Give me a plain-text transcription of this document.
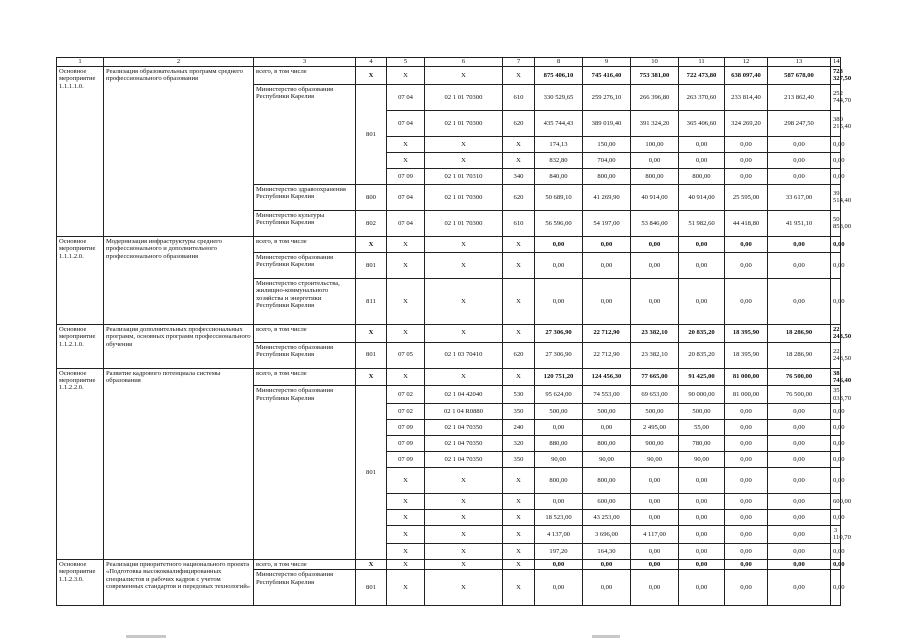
1	2	3	4	5	6	7	8	9	10	11	12	13	14
Основное мероприятие 1.1.1.1.0.	Реализация образовательных программ среднего профессионального образования	всего, в том числе	X	X	X	X	875 406,10	745 416,40	753 381,00	722 473,80	638 097,40	587 678,00	723 327,50
		Министерство образования Республики Карелия	801	07 04	02 1 01 70300	610	330 529,65	259 276,10	266 396,80	263 370,60	233 814,40	213 862,40	252 744,70
				07 04	02 1 01 70300	620	435 744,43	389 019,40	391 324,20	365 406,60	324 269,20	298 247,50	380 215,40
				X	X	X	174,13	150,00	100,00	0,00	0,00	0,00	0,00
				X	X	X	832,80	704,00	0,00	0,00	0,00	0,00	0,00
				07 09	02 1 01 70310	340	840,00	800,00	800,00	800,00	0,00	0,00	0,00
		Министерство здравоохранения Республики Карелия	800	07 04	02 1 01 70300	620	50 689,10	41 269,90	40 914,00	40 914,00	25 595,00	33 617,00	39 514,40
		Министерство культуры Республики Карелия	802	07 04	02 1 01 70300	610	56 596,00	54 197,00	53 846,00	51 982,60	44 418,80	41 951,10	50 853,00
Основное мероприятие 1.1.1.2.0.	Модернизация инфраструктуры среднего профессионального и дополнительного профессионального образования	всего, в том числе	X	X	X	X	0,00	0,00	0,00	0,00	0,00	0,00	0,00
		Министерство образования Республики Карелия	801	X	X	X	0,00	0,00	0,00	0,00	0,00	0,00	0,00
		Министерство строительства, жилищно-коммунального хозяйства и энергетики Республики Карелия	811	X	X	X	0,00	0,00	0,00	0,00	0,00	0,00	0,00
Основное мероприятие 1.1.2.1.0.	Реализация дополнительных профессиональных программ, основных программ профессионального обучения	всего, в том числе	X	X	X	X	27 306,90	22 712,90	23 382,10	20 835,20	18 395,90	18 286,90	22 243,50
		Министерство образования Республики Карелия	801	07 05	02 1 03 70410	620	27 306,90	22 712,90	23 382,10	20 835,20	18 395,90	18 286,90	22 243,50
Основное мероприятие 1.1.2.2.0.	Развитие кадрового потенциала системы образования	всего, в том числе	X	X	X	X	120 751,20	124 456,30	77 665,00	91 425,00	81 000,00	76 500,00	38 746,40
		Министерство образования Республики Карелия	801	07 02	02 1 04 42040	530	95 624,00	74 553,00	69 653,00	90 000,00	81 000,00	76 500,00	35 033,70
				07 02	02 1 04 R0880	350	500,00	500,00	500,00	500,00	0,00	0,00	0,00
				07 09	02 1 04 70350	240	0,00	0,00	2 495,00	55,00	0,00	0,00	0,00
				07 09	02 1 04 70350	320	880,00	800,00	900,00	780,00	0,00	0,00	0,00
				07 09	02 1 04 70350	350	90,00	90,00	90,00	90,00	0,00	0,00	0,00
				X	X	X	800,00	800,00	0,00	0,00	0,00	0,00	0,00
				X	X	X	0,00	600,00	0,00	0,00	0,00	0,00	600,00
				X	X	X	18 523,00	43 253,00	0,00	0,00	0,00	0,00	0,00
				X	X	X	4 137,00	3 696,00	4 117,00	0,00	0,00	0,00	3 110,70
				X	X	X	197,20	164,30	0,00	0,00	0,00	0,00	0,00
Основное мероприятие 1.1.2.3.0.	Реализация приоритетного национального проекта «Подготовка высококвалифицированных специалистов и рабочих кадров с учетом современных стандартов и передовых технологий»	всего, в том числе	X	X	X	X	0,00	0,00	0,00	0,00	0,00	0,00	0,00
		Министерство образования Республики Карелия	801	X	X	X	0,00	0,00	0,00	0,00	0,00	0,00	0,00
